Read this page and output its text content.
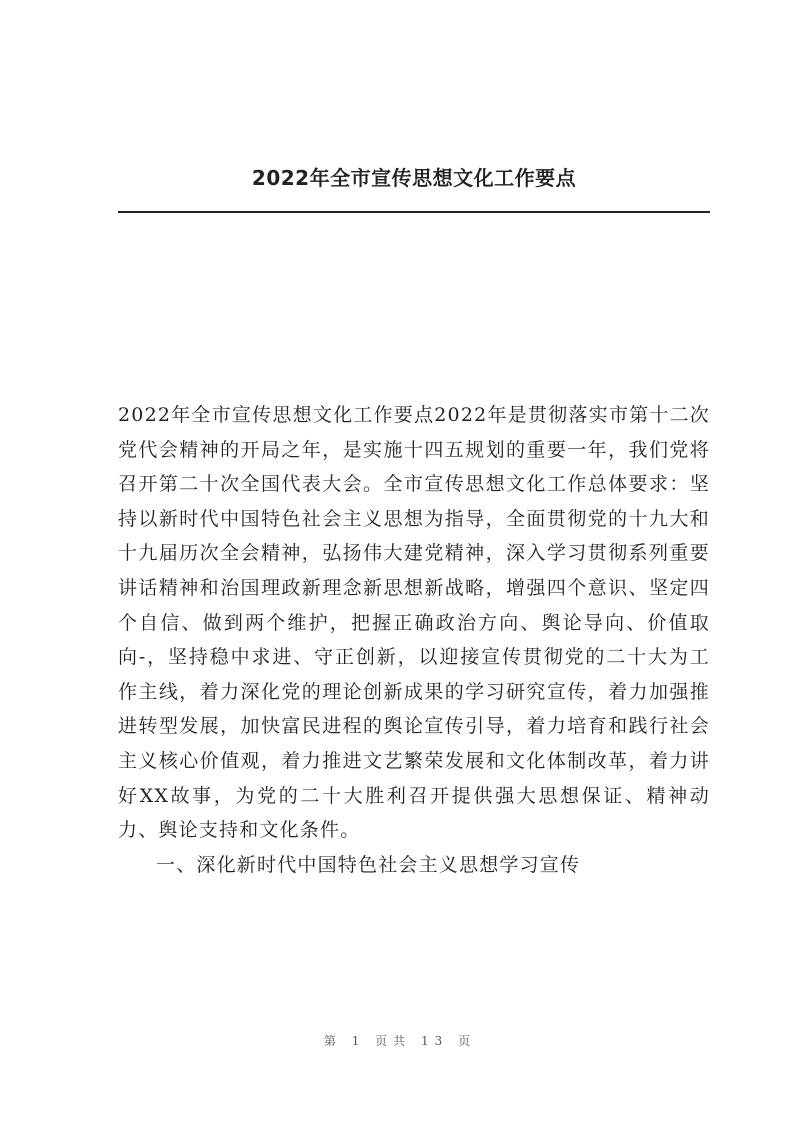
2022年全市宣传思想文化工作要点

2022年全市宣传思想文化工作要点2022年是贯彻落实市第十二次党代会精神的开局之年，是实施十四五规划的重要一年，我们党将召开第二十次全国代表大会。全市宣传思想文化工作总体要求：坚持以新时代中国特色社会主义思想为指导，全面贯彻党的十九大和十九届历次全会精神，弘扬伟大建党精神，深入学习贯彻系列重要讲话精神和治国理政新理念新思想新战略，增强四个意识、坚定四个自信、做到两个维护，把握正确政治方向、舆论导向、价值取向-，坚持稳中求进、守正创新，以迎接宣传贯彻党的二十大为工作主线，着力深化党的理论创新成果的学习研究宣传，着力加强推进转型发展，加快富民进程的舆论宣传引导，着力培育和践行社会主义核心价值观，着力推进文艺繁荣发展和文化体制改革，着力讲好XX故事，为党的二十大胜利召开提供强大思想保证、精神动力、舆论支持和文化条件。

一、深化新时代中国特色社会主义思想学习宣传

第 1 页共 13 页
